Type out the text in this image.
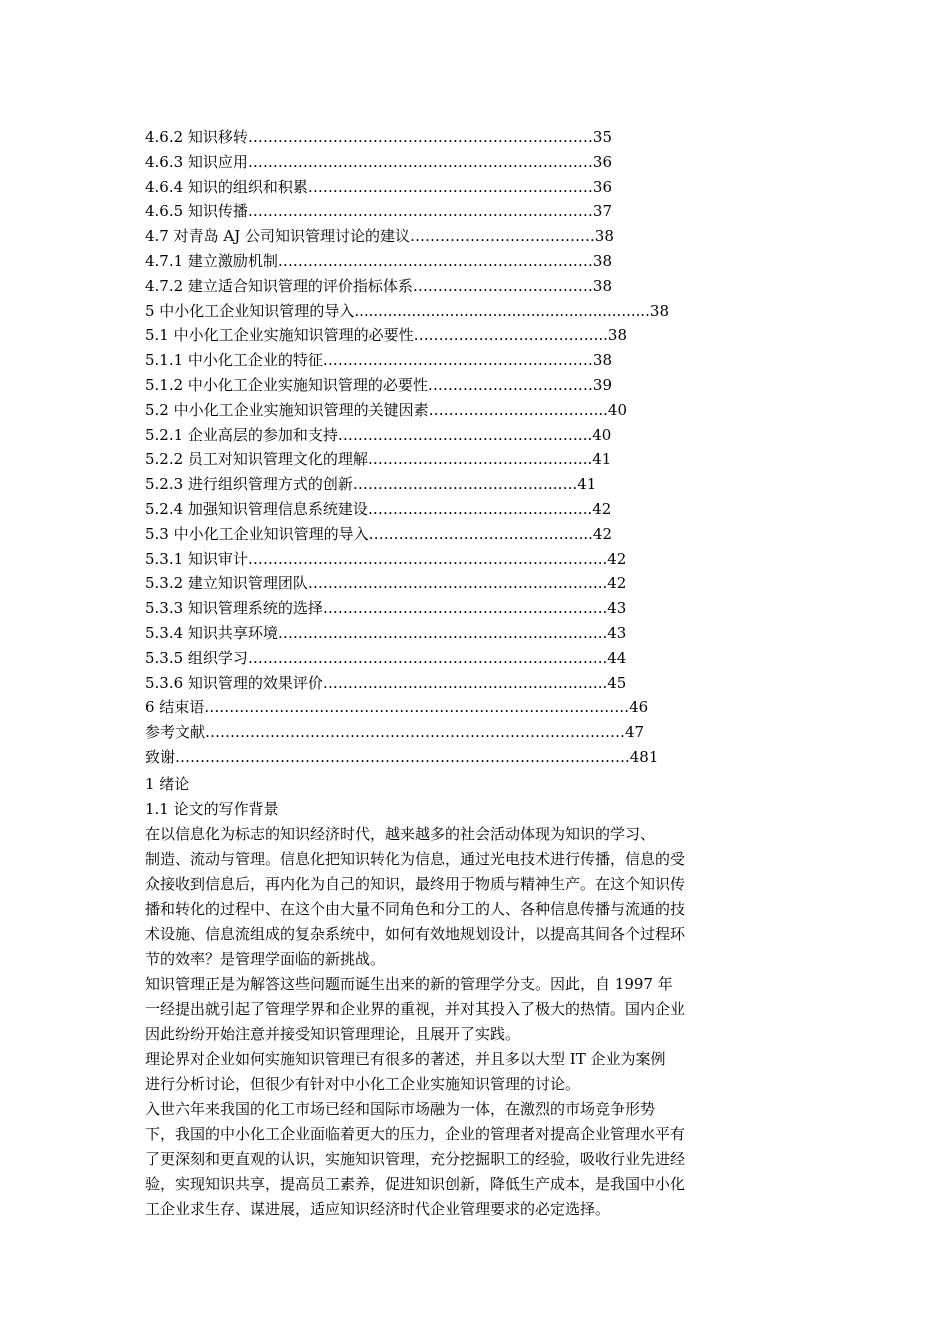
4.6.2 知识移转……………………………………………………………35
4.6.3 知识应用……………………………………………………………36
4.6.4 知识的组织和积累…………………………………………………36
4.6.5 知识传播……………………………………………………………37
4.7 对青岛 AJ 公司知识管理讨论的建议……………………………….38
4.7.1 建立激励机制………………………………………………………38
4.7.2 建立适合知识管理的评价指标体系………………………………38
5 中小化工企业知识管理的导入..............................................................38
5.1 中小化工企业实施知识管理的必要性………………………………...38
5.1.1 中小化工企业的特征………………………………………………38
5.1.2 中小化工企业实施知识管理的必要性……………………………39
5.2 中小化工企业实施知识管理的关键因素……………………………...40
5.2.1 企业高层的参加和支持…………………………………………...40
5.2.2 员工对知识管理文化的理解……………………………………...41
5.2.3 进行组织管理方式的创新…………………………………..….41
5.2.4 加强知识管理信息系统建设……………………………………...42
5.3 中小化工企业知识管理的导入……………………………………...42
5.3.1 知识审计……………………………………………………………...42
5.3.2 建立知识管理团队…………………………………………………...42
5.3.3 知识管理系统的选择………………………………………………...43
5.3.4 知识共享环境………………………………………………………...43
5.3.5 组织学习……………………………………………………………...44
5.3.6 知识管理的效果评价………………………………………………...45
6 结束语………………………………………………………………………….46
参考文献…………………………………………………………………………47
致谢……………………………………………………………………………….481
1 绪论
1.1 论文的写作背景

在以信息化为标志的知识经济时代，越来越多的社会活动体现为知识的学习、

制造、流动与管理。信息化把知识转化为信息，通过光电技术进行传播，信息的受

众接收到信息后，再内化为自己的知识，最终用于物质与精神生产。在这个知识传

播和转化的过程中、在这个由大量不同角色和分工的人、各种信息传播与流通的技

术设施、信息流组成的复杂系统中，如何有效地规划设计，以提高其间各个过程环

节的效率？是管理学面临的新挑战。

知识管理正是为解答这些问题而诞生出来的新的管理学分支。因此，自 1997 年

一经提出就引起了管理学界和企业界的重视，并对其投入了极大的热情。国内企业

因此纷纷开始注意并接受知识管理理论，且展开了实践。

理论界对企业如何实施知识管理已有很多的著述，并且多以大型 IT 企业为案例

进行分析讨论，但很少有针对中小化工企业实施知识管理的讨论。

入世六年来我国的化工市场已经和国际市场融为一体，在激烈的市场竞争形势

下，我国的中小化工企业面临着更大的压力，企业的管理者对提高企业管理水平有

了更深刻和更直观的认识，实施知识管理，充分挖掘职工的经验，吸收行业先进经

验，实现知识共享，提高员工素养，促进知识创新，降低生产成本，是我国中小化

工企业求生存、谋进展，适应知识经济时代企业管理要求的必定选择。
